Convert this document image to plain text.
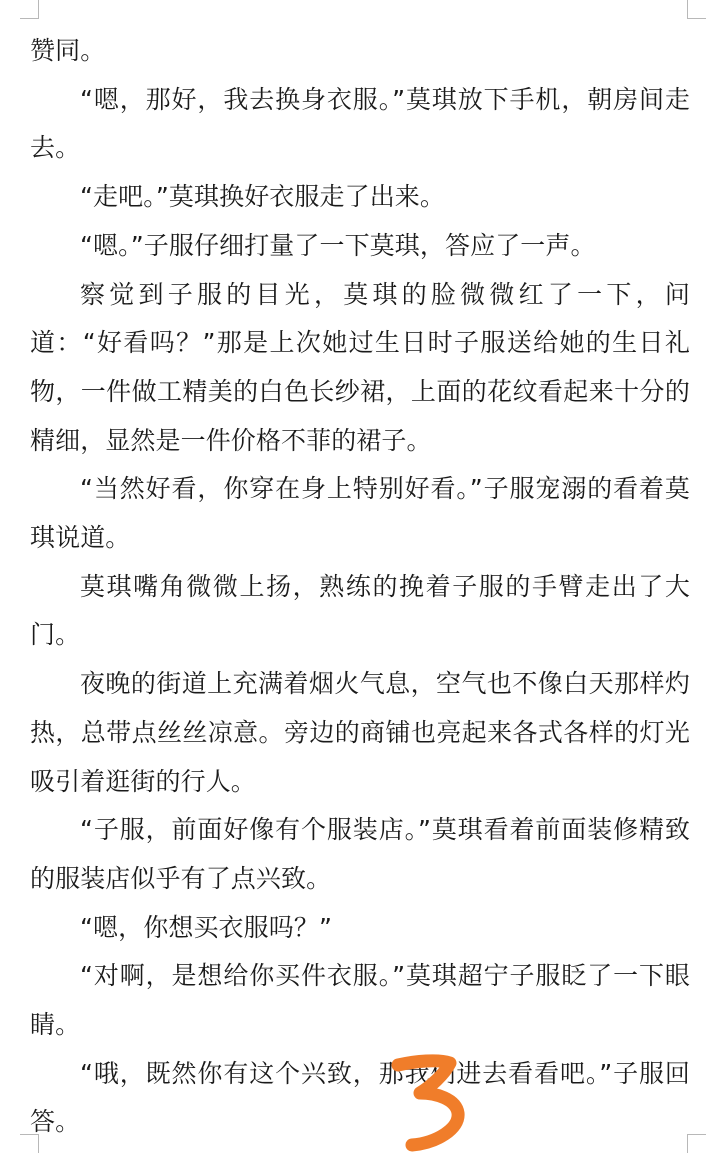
赞同。

“嗯，那好，我去换身衣服。”莫琪放下手机，朝房间走去。

“走吧。”莫琪换好衣服走了出来。

“嗯。”子服仔细打量了一下莫琪，答应了一声。

察觉到子服的目光，莫琪的脸微微红了一下，问道：“好看吗？”那是上次她过生日时子服送给她的生日礼物，一件做工精美的白色长纱裙，上面的花纹看起来十分的精细，显然是一件价格不菲的裙子。

“当然好看，你穿在身上特别好看。”子服宠溺的看着莫琪说道。

莫琪嘴角微微上扬，熟练的挽着子服的手臂走出了大门。

夜晚的街道上充满着烟火气息，空气也不像白天那样灼热，总带点丝丝凉意。旁边的商铺也亮起来各式各样的灯光吸引着逛街的行人。

“子服，前面好像有个服装店。”莫琪看着前面装修精致的服装店似乎有了点兴致。

“嗯，你想买衣服吗？”

“对啊，是想给你买件衣服。”莫琪超宁子服眨了一下眼睛。

“哦，既然你有这个兴致，那我们进去看看吧。”子服回答。
